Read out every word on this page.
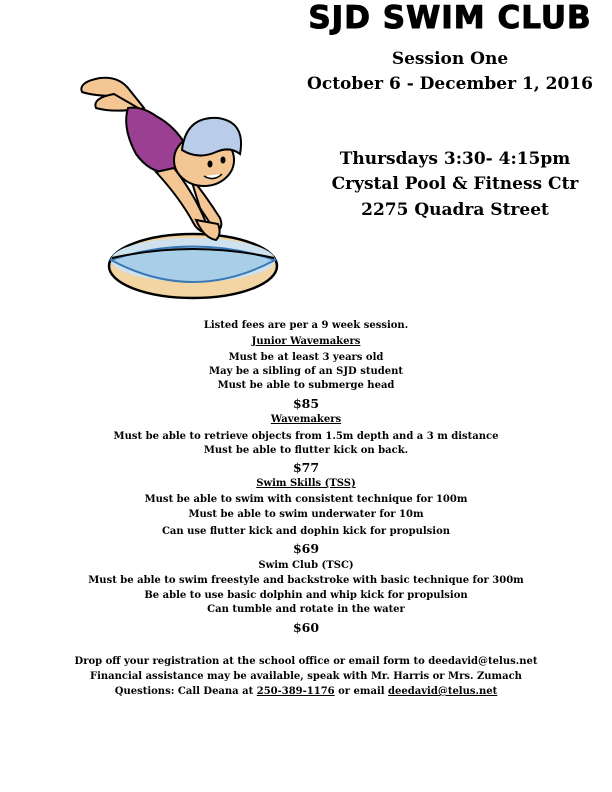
SJD SWIM CLUB
Session One
October 6 - December 1, 2016
Thursdays 3:30- 4:15pm
Crystal Pool & Fitness Ctr
2275 Quadra Street
Listed fees are per a 9 week session.
Junior Wavemakers
Must be at least 3 years old
May be a sibling of an SJD student
Must be able to submerge head
$85
Wavemakers
Must be able to retrieve objects from 1.5m depth and a 3 m distance
Must be able to flutter kick on back.
$77
Swim Skills (TSS)
Must be able to swim with consistent technique for 100m
Must be able to swim underwater for 10m
Can use flutter kick and dophin kick for propulsion
$69
Swim Club (TSC)
Must be able to swim freestyle and backstroke with basic technique for 300m
Be able to use basic dolphin and whip kick for propulsion
Can tumble and rotate in the water
$60
Drop off your registration at the school office or email form to deedavid@telus.net
Financial assistance may be available, speak with Mr. Harris or Mrs. Zumach
Questions: Call Deana at 250-389-1176 or email deedavid@telus.net
